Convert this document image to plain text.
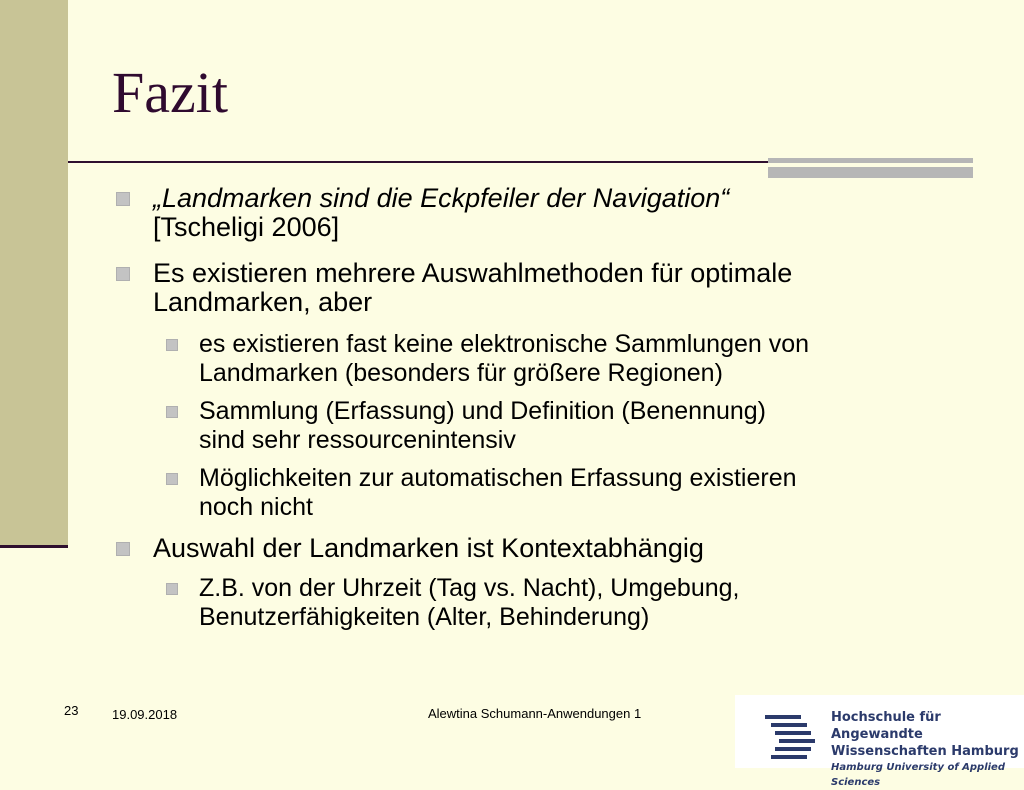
Fazit
„Landmarken sind die Eckpfeiler der Navigation“
[Tscheligi 2006]
Es existieren mehrere Auswahlmethoden für optimale
Landmarken, aber
es existieren fast keine elektronische Sammlungen von
Landmarken (besonders für größere Regionen)
Sammlung (Erfassung) und Definition (Benennung)
sind sehr ressourcenintensiv
Möglichkeiten zur automatischen Erfassung existieren
noch nicht
Auswahl der Landmarken ist Kontextabhängig
Z.B. von der Uhrzeit (Tag vs. Nacht), Umgebung,
Benutzerfähigkeiten (Alter, Behinderung)
23	19.09.2018	Alewtina Schumann-Anwendungen 1	Hochschule für Angewandte
Wissenschaften Hamburg
Hamburg University of Applied Sciences
